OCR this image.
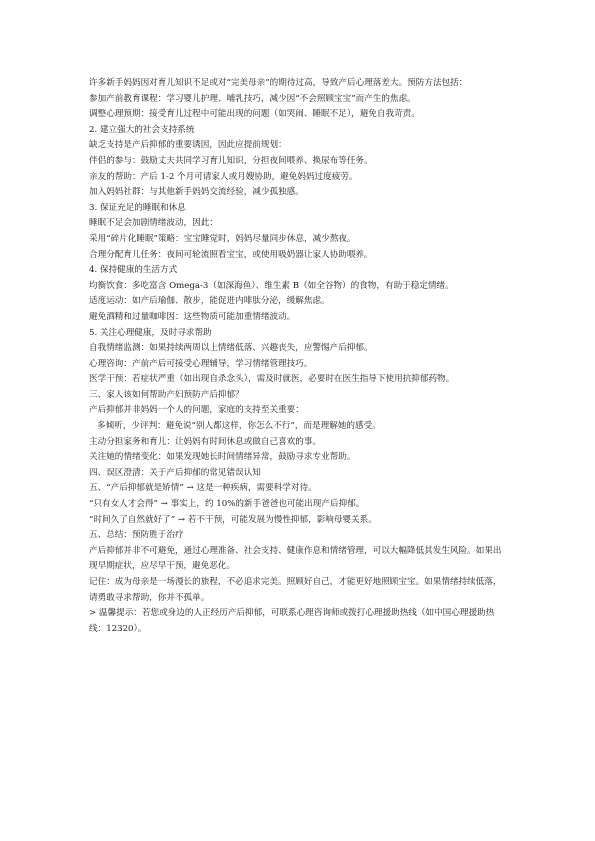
许多新手妈妈因对育儿知识不足或对“完美母亲”的期待过高，导致产后心理落差大。预防方法包括：

参加产前教育课程：学习婴儿护理、哺乳技巧，减少因“不会照顾宝宝”而产生的焦虑。

调整心理预期：接受育儿过程中可能出现的问题（如哭闹、睡眠不足），避免自我苛责。

2. 建立强大的社会支持系统

缺乏支持是产后抑郁的重要诱因，因此应提前规划：

伴侣的参与：鼓励丈夫共同学习育儿知识，分担夜间喂养、换尿布等任务。

亲友的帮助：产后 1-2 个月可请家人或月嫂协助，避免妈妈过度疲劳。

加入妈妈社群：与其他新手妈妈交流经验，减少孤独感。

3. 保证充足的睡眠和休息

睡眠不足会加剧情绪波动，因此：

采用“碎片化睡眠”策略：宝宝睡觉时，妈妈尽量同步休息，减少熬夜。

合理分配育儿任务：夜间可轮流照看宝宝，或使用吸奶器让家人协助喂养。

4. 保持健康的生活方式

均衡饮食：多吃富含 Omega-3（如深海鱼）、维生素 B（如全谷物）的食物，有助于稳定情绪。

适度运动：如产后瑜伽、散步，能促进内啡肽分泌，缓解焦虑。

避免酒精和过量咖啡因：这些物质可能加重情绪波动。

5. 关注心理健康，及时寻求帮助

自我情绪监测：如果持续两周以上情绪低落、兴趣丧失，应警惕产后抑郁。

心理咨询：产前产后可接受心理辅导，学习情绪管理技巧。

医学干预：若症状严重（如出现自杀念头），需及时就医，必要时在医生指导下使用抗抑郁药物。

三、家人该如何帮助产妇预防产后抑郁？

产后抑郁并非妈妈一个人的问题，家庭的支持至关重要：

多倾听，少评判：避免说“别人都这样，你怎么不行”，而是理解她的感受。

主动分担家务和育儿：让妈妈有时间休息或做自己喜欢的事。

关注她的情绪变化：如果发现她长时间情绪异常，鼓励寻求专业帮助。

四、误区澄清：关于产后抑郁的常见错误认知

五、“产后抑郁就是矫情” → 这是一种疾病，需要科学对待。

“只有女人才会得” → 事实上，约 10%的新手爸爸也可能出现产后抑郁。

“时间久了自然就好了” → 若不干预，可能发展为慢性抑郁，影响母婴关系。

五、总结：预防胜于治疗

产后抑郁并非不可避免，通过心理准备、社会支持、健康作息和情绪管理，可以大幅降低其发生风险。如果出现早期症状，应尽早干预，避免恶化。

记住：成为母亲是一场漫长的旅程，不必追求完美。照顾好自己，才能更好地照顾宝宝。如果情绪持续低落，请勇敢寻求帮助，你并不孤单。

> 温馨提示：若您或身边的人正经历产后抑郁，可联系心理咨询师或拨打心理援助热线（如中国心理援助热线：12320）。
